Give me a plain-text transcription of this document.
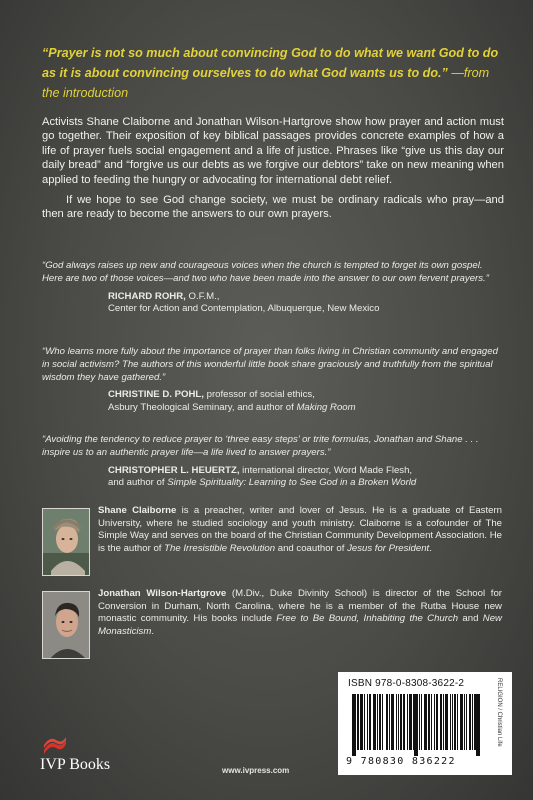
“Prayer is not so much about convincing God to do what we want God to do as it is about convincing ourselves to do what God wants us to do.” —from the introduction

Activists Shane Claiborne and Jonathan Wilson-Hartgrove show how prayer and action must go together. Their exposition of key biblical passages provides concrete examples of how a life of prayer fuels social engagement and a life of justice. Phrases like “give us this day our daily bread” and “forgive us our debts as we forgive our debtors” take on new meaning when applied to feeding the hungry or advocating for international debt relief.

If we hope to see God change society, we must be ordinary radicals who pray—and then are ready to become the answers to our own prayers.

“God always raises up new and courageous voices when the church is tempted to forget its own gospel. Here are two of those voices—and two who have been made into the answer to our own fervent prayers.”
RICHARD ROHR, O.F.M.,
Center for Action and Contemplation, Albuquerque, New Mexico
“Who learns more fully about the importance of prayer than folks living in Christian community and engaged in social activism? The authors of this wonderful little book share graciously and truthfully from the spiritual wisdom they have gathered.”
CHRISTINE D. POHL, professor of social ethics,
Asbury Theological Seminary, and author of Making Room
“Avoiding the tendency to reduce prayer to ‘three easy steps’ or trite formulas, Jonathan and Shane . . . inspire us to an authentic prayer life—a life lived to answer prayers.”
CHRISTOPHER L. HEUERTZ, international director, Word Made Flesh,
and author of Simple Spirituality: Learning to See God in a Broken World
Shane Claiborne is a preacher, writer and lover of Jesus. He is a graduate of Eastern University, where he studied sociology and youth ministry. Claiborne is a cofounder of The Simple Way and serves on the board of the Christian Community Development Association. He is the author of The Irresistible Revolution and coauthor of Jesus for President.
Jonathan Wilson-Hartgrove (M.Div., Duke Divinity School) is director of the School for Conversion in Durham, North Carolina, where he is a member of the Rutba House new monastic community. His books include Free to Be Bound, Inhabiting the Church and New Monasticism.
ISBN 978-0-8308-3622-2
9 780830 836222
RELIGION / Christian Life
IVP Books	www.ivpress.com
